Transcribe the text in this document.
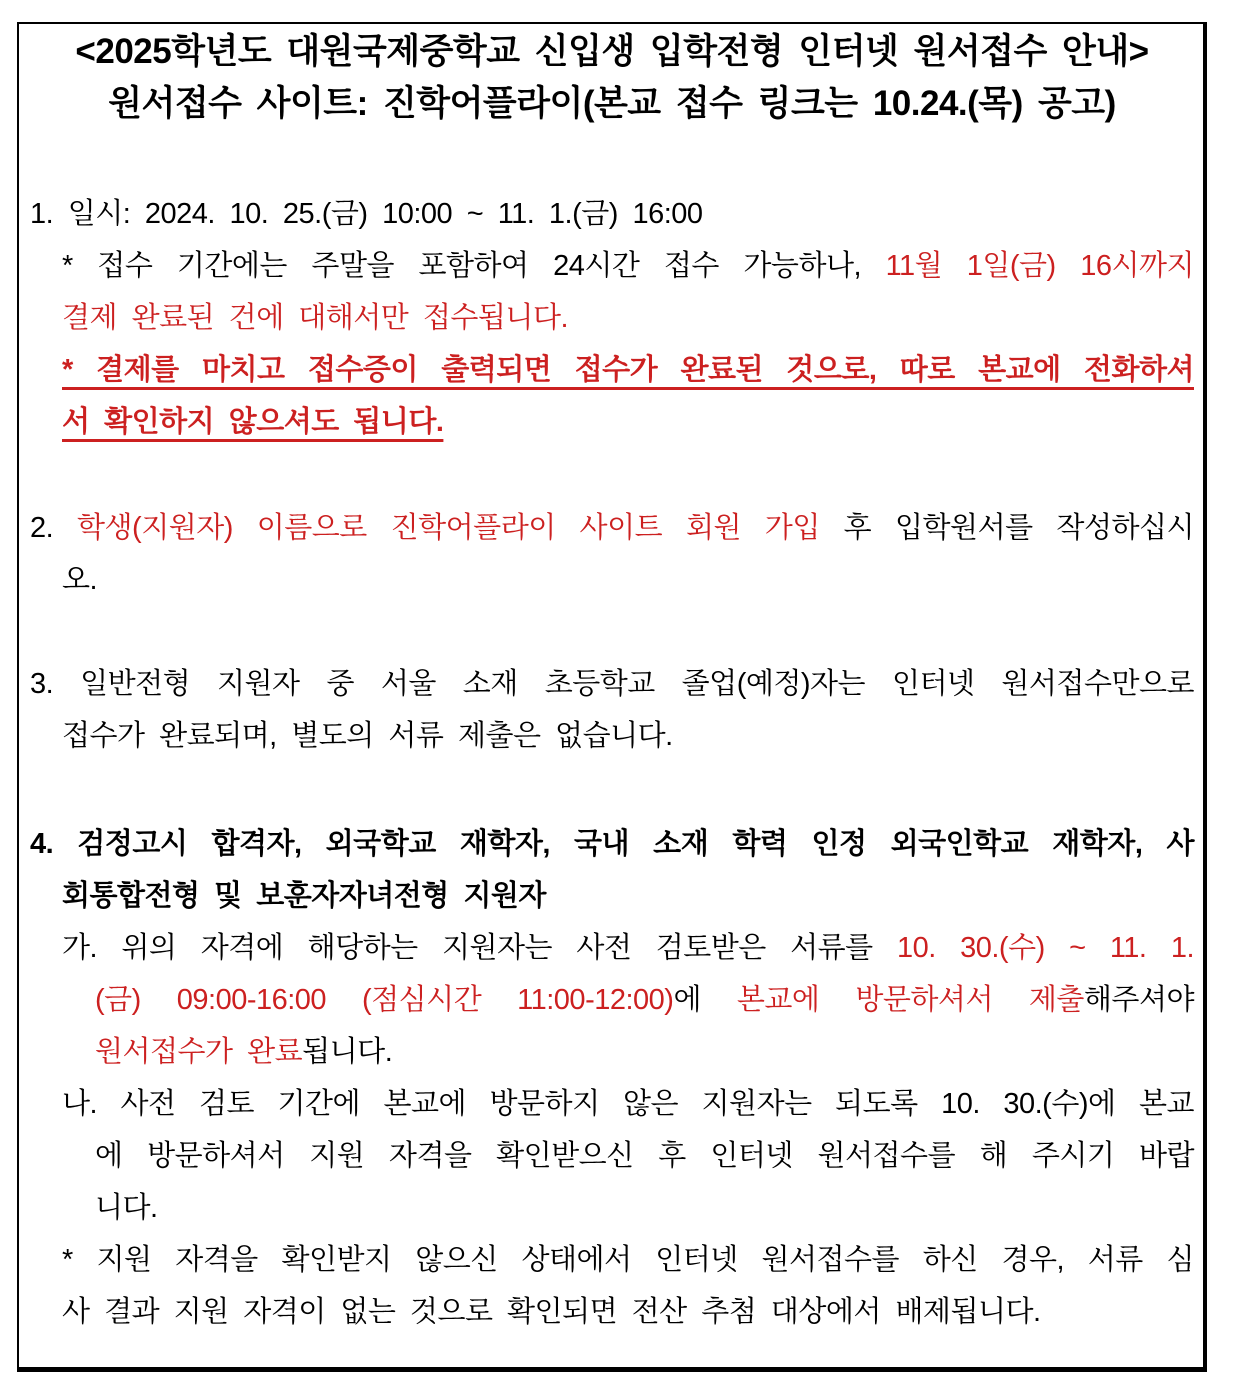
<2025학년도 대원국제중학교 신입생 입학전형 인터넷 원서접수 안내>
원서접수 사이트: 진학어플라이(본교 접수 링크는 10.24.(목) 공고)
1. 일시: 2024. 10. 25.(금) 10:00 ~ 11. 1.(금) 16:00
* 접수 기간에는 주말을 포함하여 24시간 접수 가능하나, 11월 1일(금) 16시까지
결제 완료된 건에 대해서만 접수됩니다.
* 결제를 마치고 접수증이 출력되면 접수가 완료된 것으로, 따로 본교에 전화하셔
서 확인하지 않으셔도 됩니다.
2. 학생(지원자) 이름으로 진학어플라이 사이트 회원 가입 후 입학원서를 작성하십시
오.
3. 일반전형 지원자 중 서울 소재 초등학교 졸업(예정)자는 인터넷 원서접수만으로
접수가 완료되며, 별도의 서류 제출은 없습니다.
4. 검정고시 합격자, 외국학교 재학자, 국내 소재 학력 인정 외국인학교 재학자, 사
회통합전형 및 보훈자자녀전형 지원자
가. 위의 자격에 해당하는 지원자는 사전 검토받은 서류를 10. 30.(수) ~ 11. 1.
(금) 09:00-16:00 (점심시간 11:00-12:00)에 본교에 방문하셔서 제출해주셔야
원서접수가 완료됩니다.
나. 사전 검토 기간에 본교에 방문하지 않은 지원자는 되도록 10. 30.(수)에 본교
에 방문하셔서 지원 자격을 확인받으신 후 인터넷 원서접수를 해 주시기 바랍
니다.
* 지원 자격을 확인받지 않으신 상태에서 인터넷 원서접수를 하신 경우, 서류 심
사 결과 지원 자격이 없는 것으로 확인되면 전산 추첨 대상에서 배제됩니다.
